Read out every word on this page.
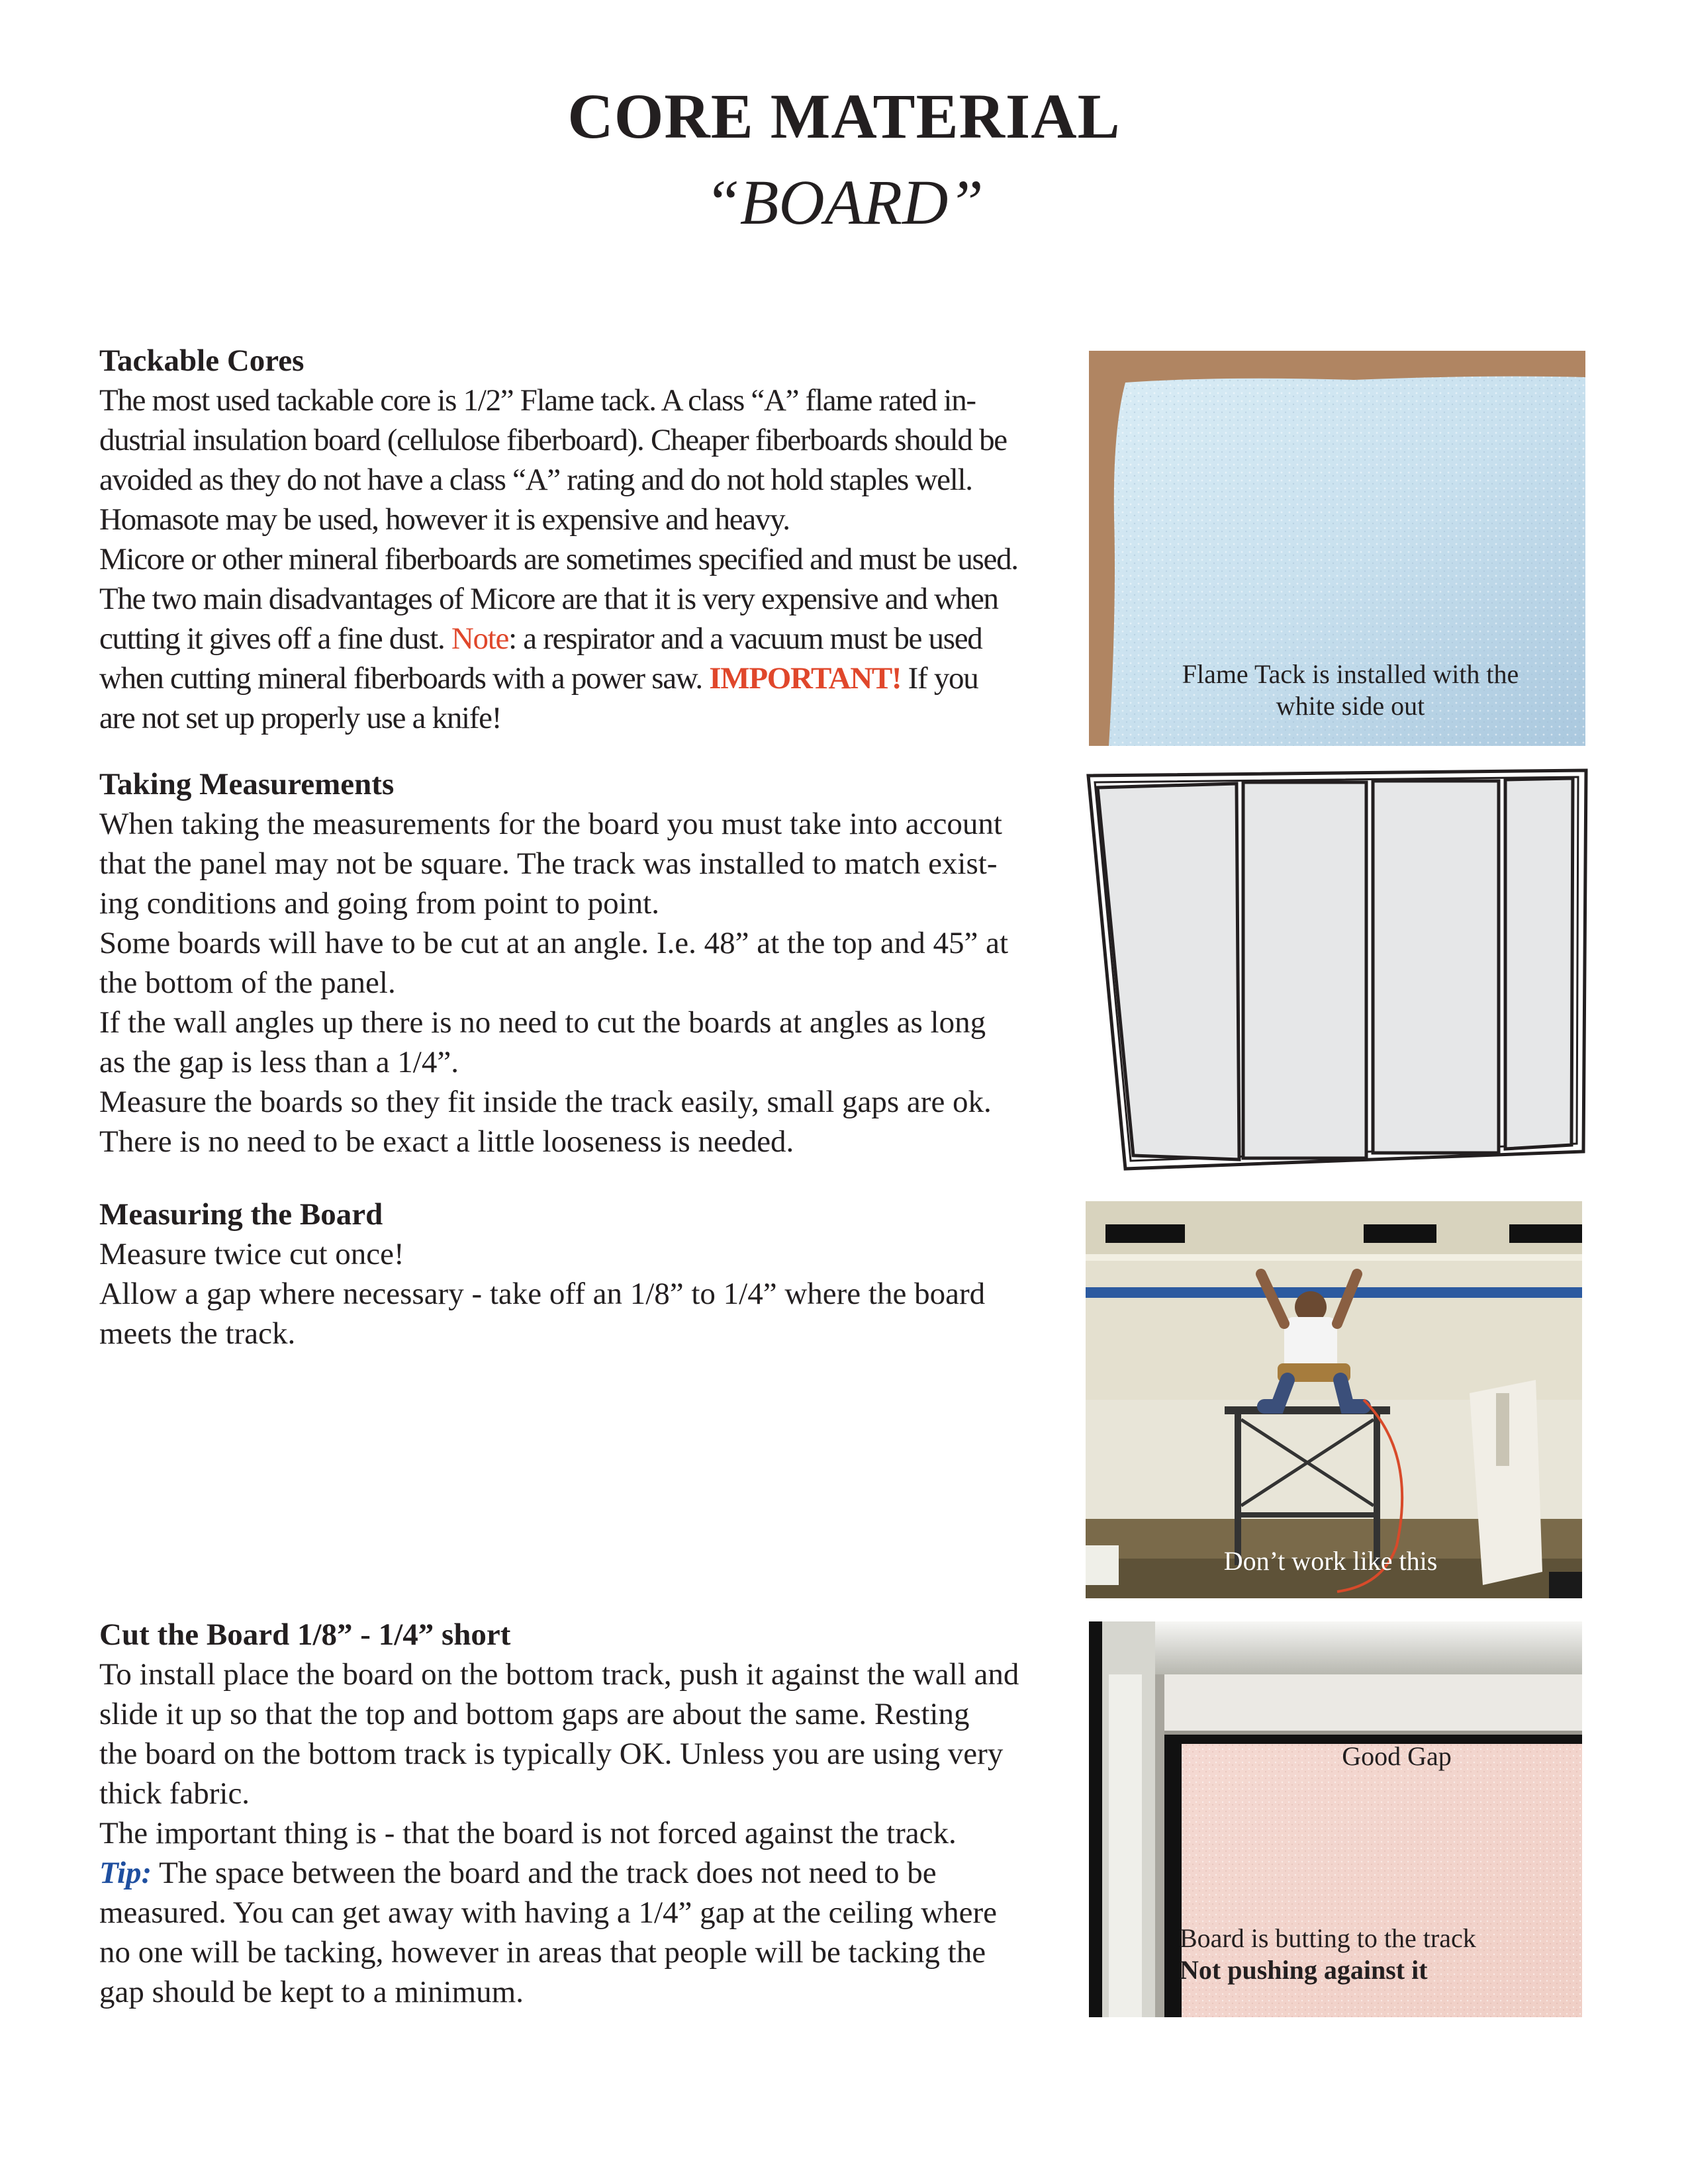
CORE MATERIAL
“BOARD”
Tackable Cores

The most used tackable core is 1/2” Flame tack. A class “A” flame rated in-

dustrial insulation board (cellulose fiberboard). Cheaper fiberboards should be

avoided as they do not have a class “A” rating and do not hold staples well.

Homasote may be used, however it is expensive and heavy.

Micore or other mineral fiberboards are sometimes specified and must be used.

The two main disadvantages of Micore are that it is very expensive and when

cutting it gives off a fine dust. Note: a respirator and a vacuum must be used

when cutting mineral fiberboards with a power saw. IMPORTANT! If you

are not set up properly use a knife!

Taking Measurements

When taking the measurements for the board you must take into account

that the panel may not be square. The track was installed to match exist-

ing conditions and going from point to point.

Some boards will have to be cut at an angle. I.e. 48” at the top and 45” at

the bottom of the panel.

If the wall angles up there is no need to cut the boards at angles as long

as the gap is less than a 1/4”.

Measure the boards so they fit inside the track easily, small gaps are ok.

There is no need to be exact a little looseness is needed.

Measuring the Board

Measure twice cut once!

Allow a gap where necessary - take off an 1/8” to 1/4” where the board

meets the track.

Cut the Board 1/8” - 1/4” short

To install place the board on the bottom track, push it against the wall and

slide it up so that the top and bottom gaps are about the same. Resting

the board on the bottom track is typically OK. Unless you are using very

thick fabric.

The important thing is - that the board is not forced against the track.

Tip: The space between the board and the track does not need to be

measured. You can get away with having a 1/4” gap at the ceiling where

no one will be tacking, however in areas that people will be tacking the

gap should be kept to a minimum.

Flame Tack is installed with the
white side out
Don’t work like this
Good Gap
Board is butting to the track
Not pushing against it
